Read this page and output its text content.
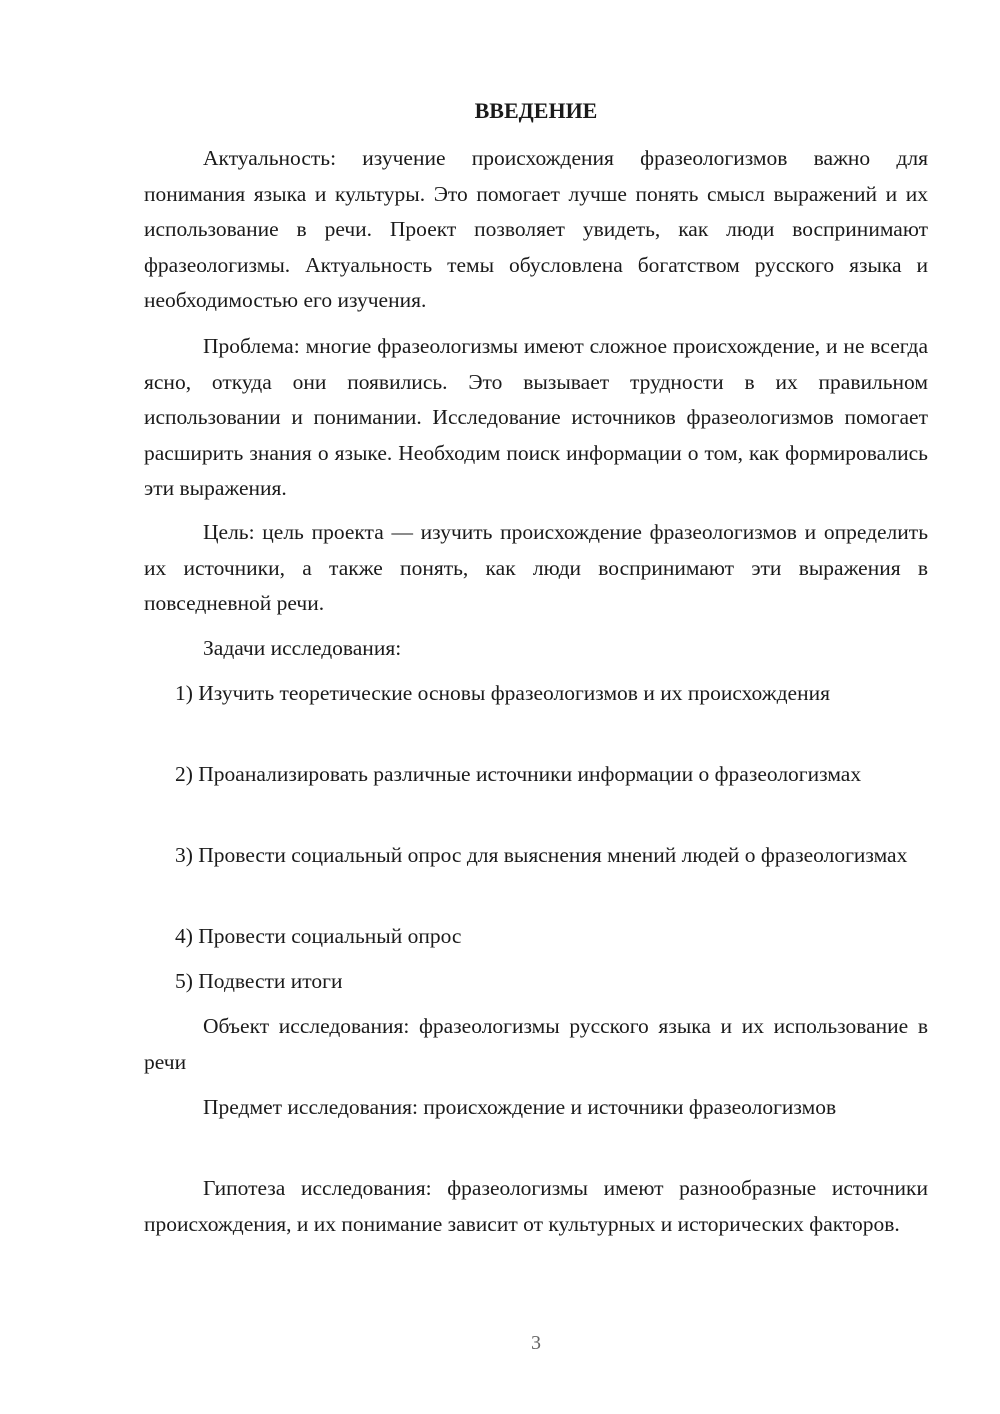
ВВЕДЕНИЕ

Актуальность: изучение происхождения фразеологизмов важно для понимания языка и культуры. Это помогает лучше понять смысл выражений и их использование в речи. Проект позволяет увидеть, как люди воспринимают фразеологизмы. Актуальность темы обусловлена богатством русского языка и необходимостью его изучения.

Проблема: многие фразеологизмы имеют сложное происхождение, и не всегда ясно, откуда они появились. Это вызывает трудности в их правильном использовании и понимании. Исследование источников фразеологизмов помогает расширить знания о языке. Необходим поиск информации о том, как формировались эти выражения.

Цель: цель проекта — изучить происхождение фразеологизмов и определить их источники, а также понять, как люди воспринимают эти выражения в повседневной речи.

Задачи исследования:

1) Изучить теоретические основы фразеологизмов и их происхождения

2) Проанализировать различные источники информации о фразеологизмах

3) Провести социальный опрос для выяснения мнений людей о фразеологизмах

4) Провести социальный опрос

5) Подвести итоги

Объект исследования: фразеологизмы русского языка и их использование в речи

Предмет исследования: происхождение и источники фразеологизмов

Гипотеза исследования: фразеологизмы имеют разнообразные источники происхождения, и их понимание зависит от культурных и исторических факторов.

3
